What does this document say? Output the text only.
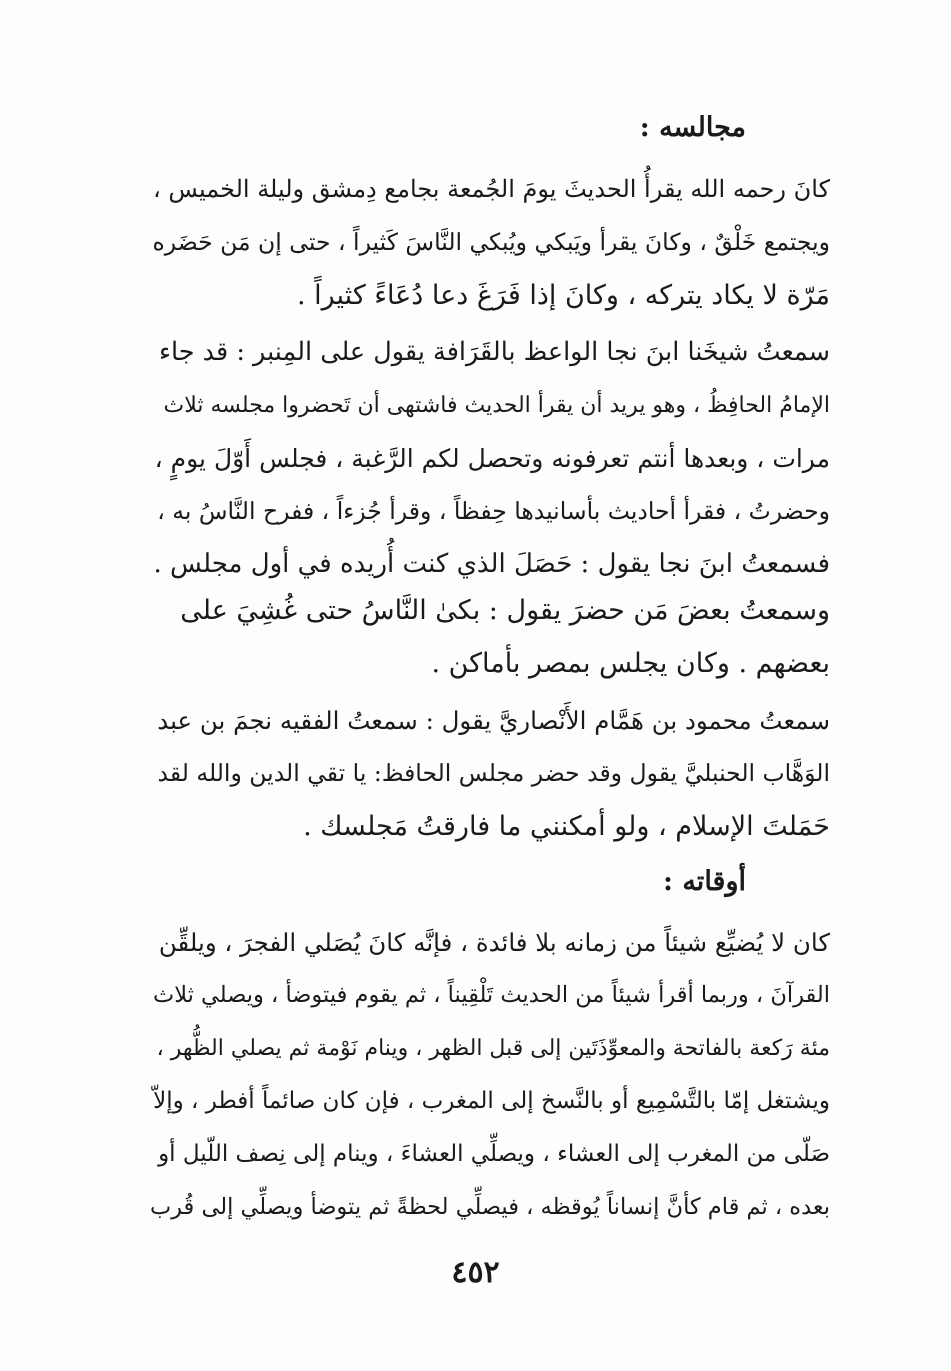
مجالسه :
كانَ رحمه الله يقرأُ الحديثَ يومَ الجُمعة بجامع دِمشق وليلة الخميس ،
ويجتمع خَلْقٌ ، وكانَ يقرأ ويَبكي ويُبكي النَّاسَ كَثيراً ، حتى إن مَن حَضَره
مَرّة لا يكاد يتركه ، وكانَ إذا فَرَغَ دعا دُعَاءً كثيراً .
سمعتُ شيخَنا ابنَ نجا الواعظ بالقَرَافة يقول على المِنبر : قد جاء
الإمامُ الحافِظُ ، وهو يريد أن يقرأ الحديث فاشتهى أن تَحضروا مجلسه ثلاث
مرات ، وبعدها أنتم تعرفونه وتحصل لكم الرَّغبة ، فجلس أَوّلَ يومٍ ،
وحضرتُ ، فقرأ أحاديث بأسانيدها حِفظاً ، وقرأ جُزءاً ، ففرح النَّاسُ به ،
فسمعتُ ابنَ نجا يقول : حَصَلَ الذي كنت أُريده في أول مجلس .
وسمعتُ بعضَ مَن حضرَ يقول : بكىٰ النَّاسُ حتى غُشِيَ على
بعضهم . وكان يجلس بمصر بأماكن .
سمعتُ محمود بن هَمَّام الأَنْصاريَّ يقول : سمعتُ الفقيه نجمَ بن عبد
الوَهَّاب الحنبليَّ يقول وقد حضر مجلس الحافظ: يا تقي الدين والله لقد
حَمَلتَ الإسلام ، ولو أمكنني ما فارقتُ مَجلسك .
أوقاته :
كان لا يُضيِّع شيئاً من زمانه بلا فائدة ، فإنَّه كانَ يُصَلي الفجرَ ، ويلقِّن
القرآنَ ، وربما أقرأ شيئاً من الحديث تَلْقِيناً ، ثم يقوم فيتوضأ ، ويصلي ثلاث
مئة رَكعة بالفاتحة والمعوِّذَتَين إلى قبل الظهر ، وينام نَوْمة ثم يصلي الظُّهر ،
ويشتغل إمّا بالتَّسْمِيع أو بالنَّسخ إلى المغرب ، فإن كان صائماً أفطر ، وإلاّ
صَلّى من المغرب إلى العشاء ، ويصلِّي العشاءَ ، وينام إلى نِصف اللّيل أو
بعده ، ثم قام كأنَّ إنساناً يُوقظه ، فيصلِّي لحظةً ثم يتوضأ ويصلِّي إلى قُرب
٤٥٢
